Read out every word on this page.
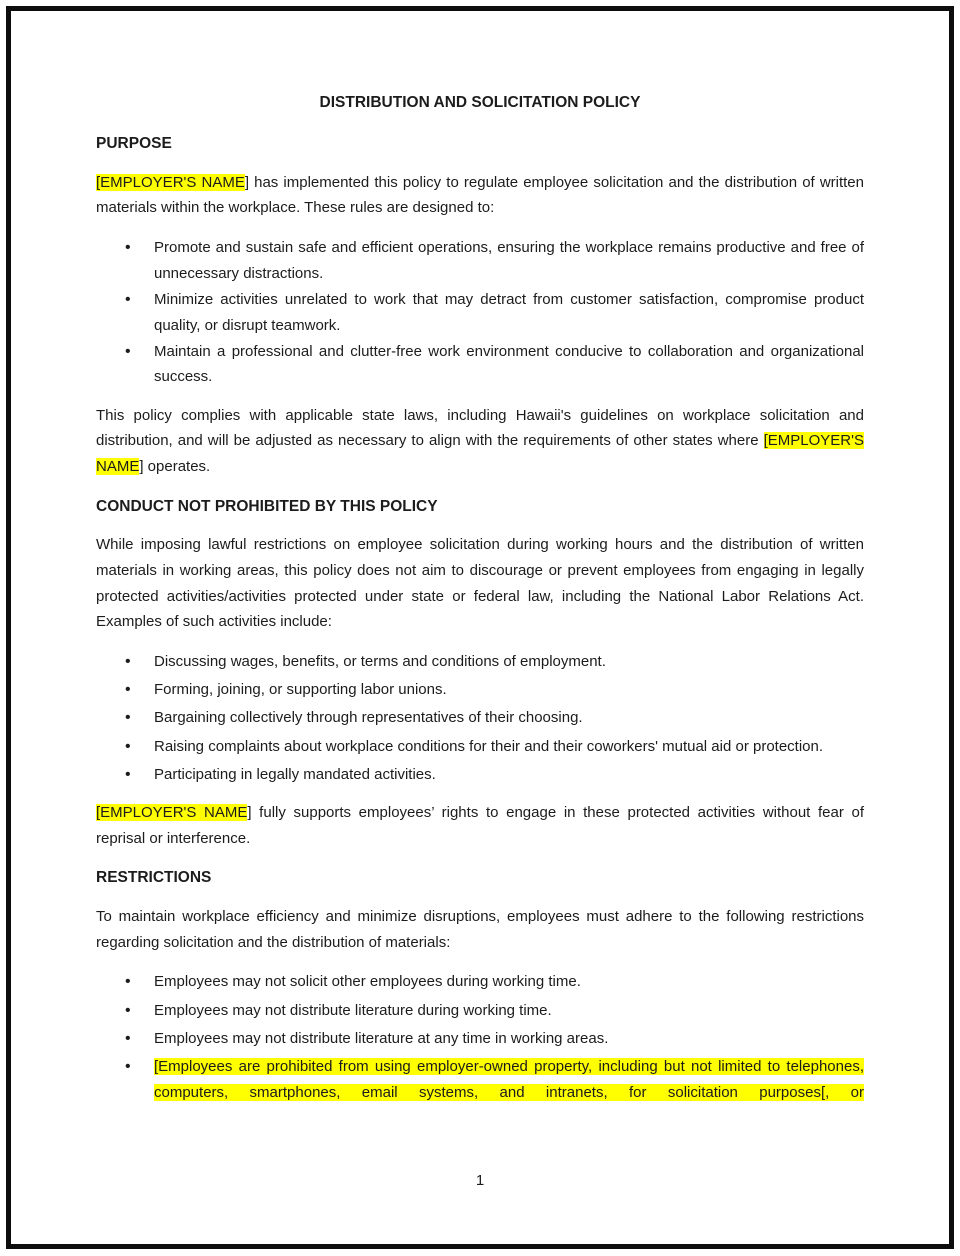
DISTRIBUTION AND SOLICITATION POLICY
PURPOSE

[EMPLOYER'S NAME] has implemented this policy to regulate employee solicitation and the distribution of written materials within the workplace. These rules are designed to:

•	Promote and sustain safe and efficient operations, ensuring the workplace remains productive and free of unnecessary distractions.
•	Minimize activities unrelated to work that may detract from customer satisfaction, compromise product quality, or disrupt teamwork.
•	Maintain a professional and clutter-free work environment conducive to collaboration and organizational success.

This policy complies with applicable state laws, including Hawaii's guidelines on workplace solicitation and distribution, and will be adjusted as necessary to align with the requirements of other states where [EMPLOYER'S NAME] operates.

CONDUCT NOT PROHIBITED BY THIS POLICY

While imposing lawful restrictions on employee solicitation during working hours and the distribution of written materials in working areas, this policy does not aim to discourage or prevent employees from engaging in legally protected activities/activities protected under state or federal law, including the National Labor Relations Act. Examples of such activities include:

•	Discussing wages, benefits, or terms and conditions of employment.
•	Forming, joining, or supporting labor unions.
•	Bargaining collectively through representatives of their choosing.
•	Raising complaints about workplace conditions for their and their coworkers' mutual aid or protection.
•	Participating in legally mandated activities.

[EMPLOYER'S NAME] fully supports employees’ rights to engage in these protected activities without fear of reprisal or interference.

RESTRICTIONS

To maintain workplace efficiency and minimize disruptions, employees must adhere to the following restrictions regarding solicitation and the distribution of materials:

•	Employees may not solicit other employees during working time.
•	Employees may not distribute literature during working time.
•	Employees may not distribute literature at any time in working areas.
•	[Employees are prohibited from using employer-owned property, including but not limited to telephones, computers, smartphones, email systems, and intranets, for solicitation purposes[, or
1
